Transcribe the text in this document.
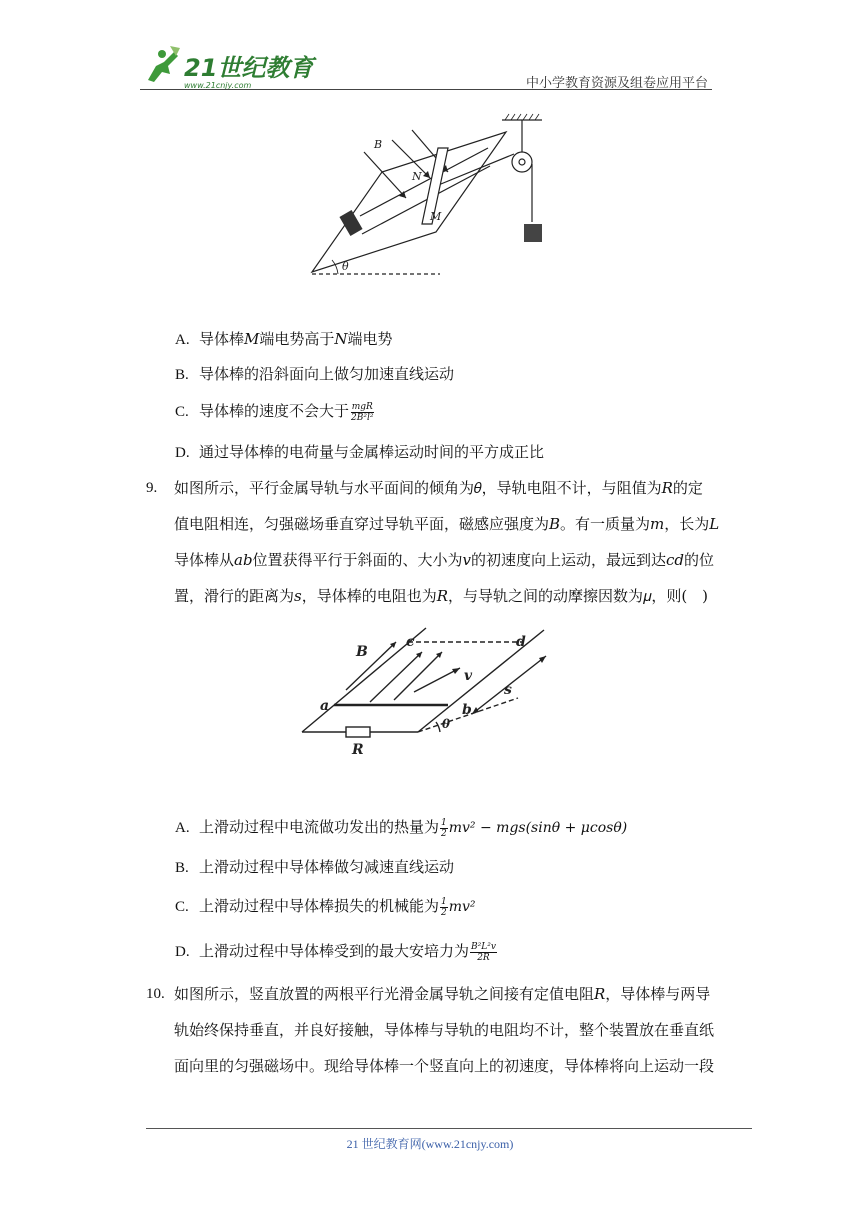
21世纪教育
www.21cnjy.com	中小学教育资源及组卷应用平台
B
N
M
θ
A. 导体棒𝑀端电势高于𝑁端电势
B. 导体棒的沿斜面向上做匀加速直线运动
C. 导体棒的速度不会大于 $\frac{\text{mgR}}{\text{2B²l²}}$
D. 通过导体棒的电荷量与金属棒运动时间的平方成正比
9. 如图所示，平行金属导轨与水平面间的倾角为𝜃，导轨电阻不计，与阻值为𝑅的定
值电阻相连，匀强磁场垂直穿过导轨平面，磁感应强度为𝐵。有一质量为𝑚，长为𝐿
导体棒从𝑎𝑏位置获得平行于斜面的、大小为𝑣的初速度向上运动，最远到达𝑐𝑑的位
置，滑行的距离为𝑠，导体棒的电阻也为𝑅，与导轨之间的动摩擦因数为𝜇，则(　)
B
c	d
a	b
v
s
θ
R
A. 上滑动过程中电流做功发出的热量为 $\frac{1}{2} mv^2 - mgs(\sin\theta + \mu\cos\theta)$
B. 上滑动过程中导体棒做匀减速直线运动
C. 上滑动过程中导体棒损失的机械能为 $\frac{1}{2} mv^2$
D. 上滑动过程中导体棒受到的最大安培力为 $\frac{\text{B²L²v}}{2R}$
10. 如图所示，竖直放置的两根平行光滑金属导轨之间接有定值电阻𝑅，导体棒与两导
轨始终保持垂直，并良好接触，导体棒与导轨的电阻均不计，整个装置放在垂直纸
面向里的匀强磁场中。现给导体棒一个竖直向上的初速度，导体棒将向上运动一段
21 世纪教育网(www.21cnjy.com)
